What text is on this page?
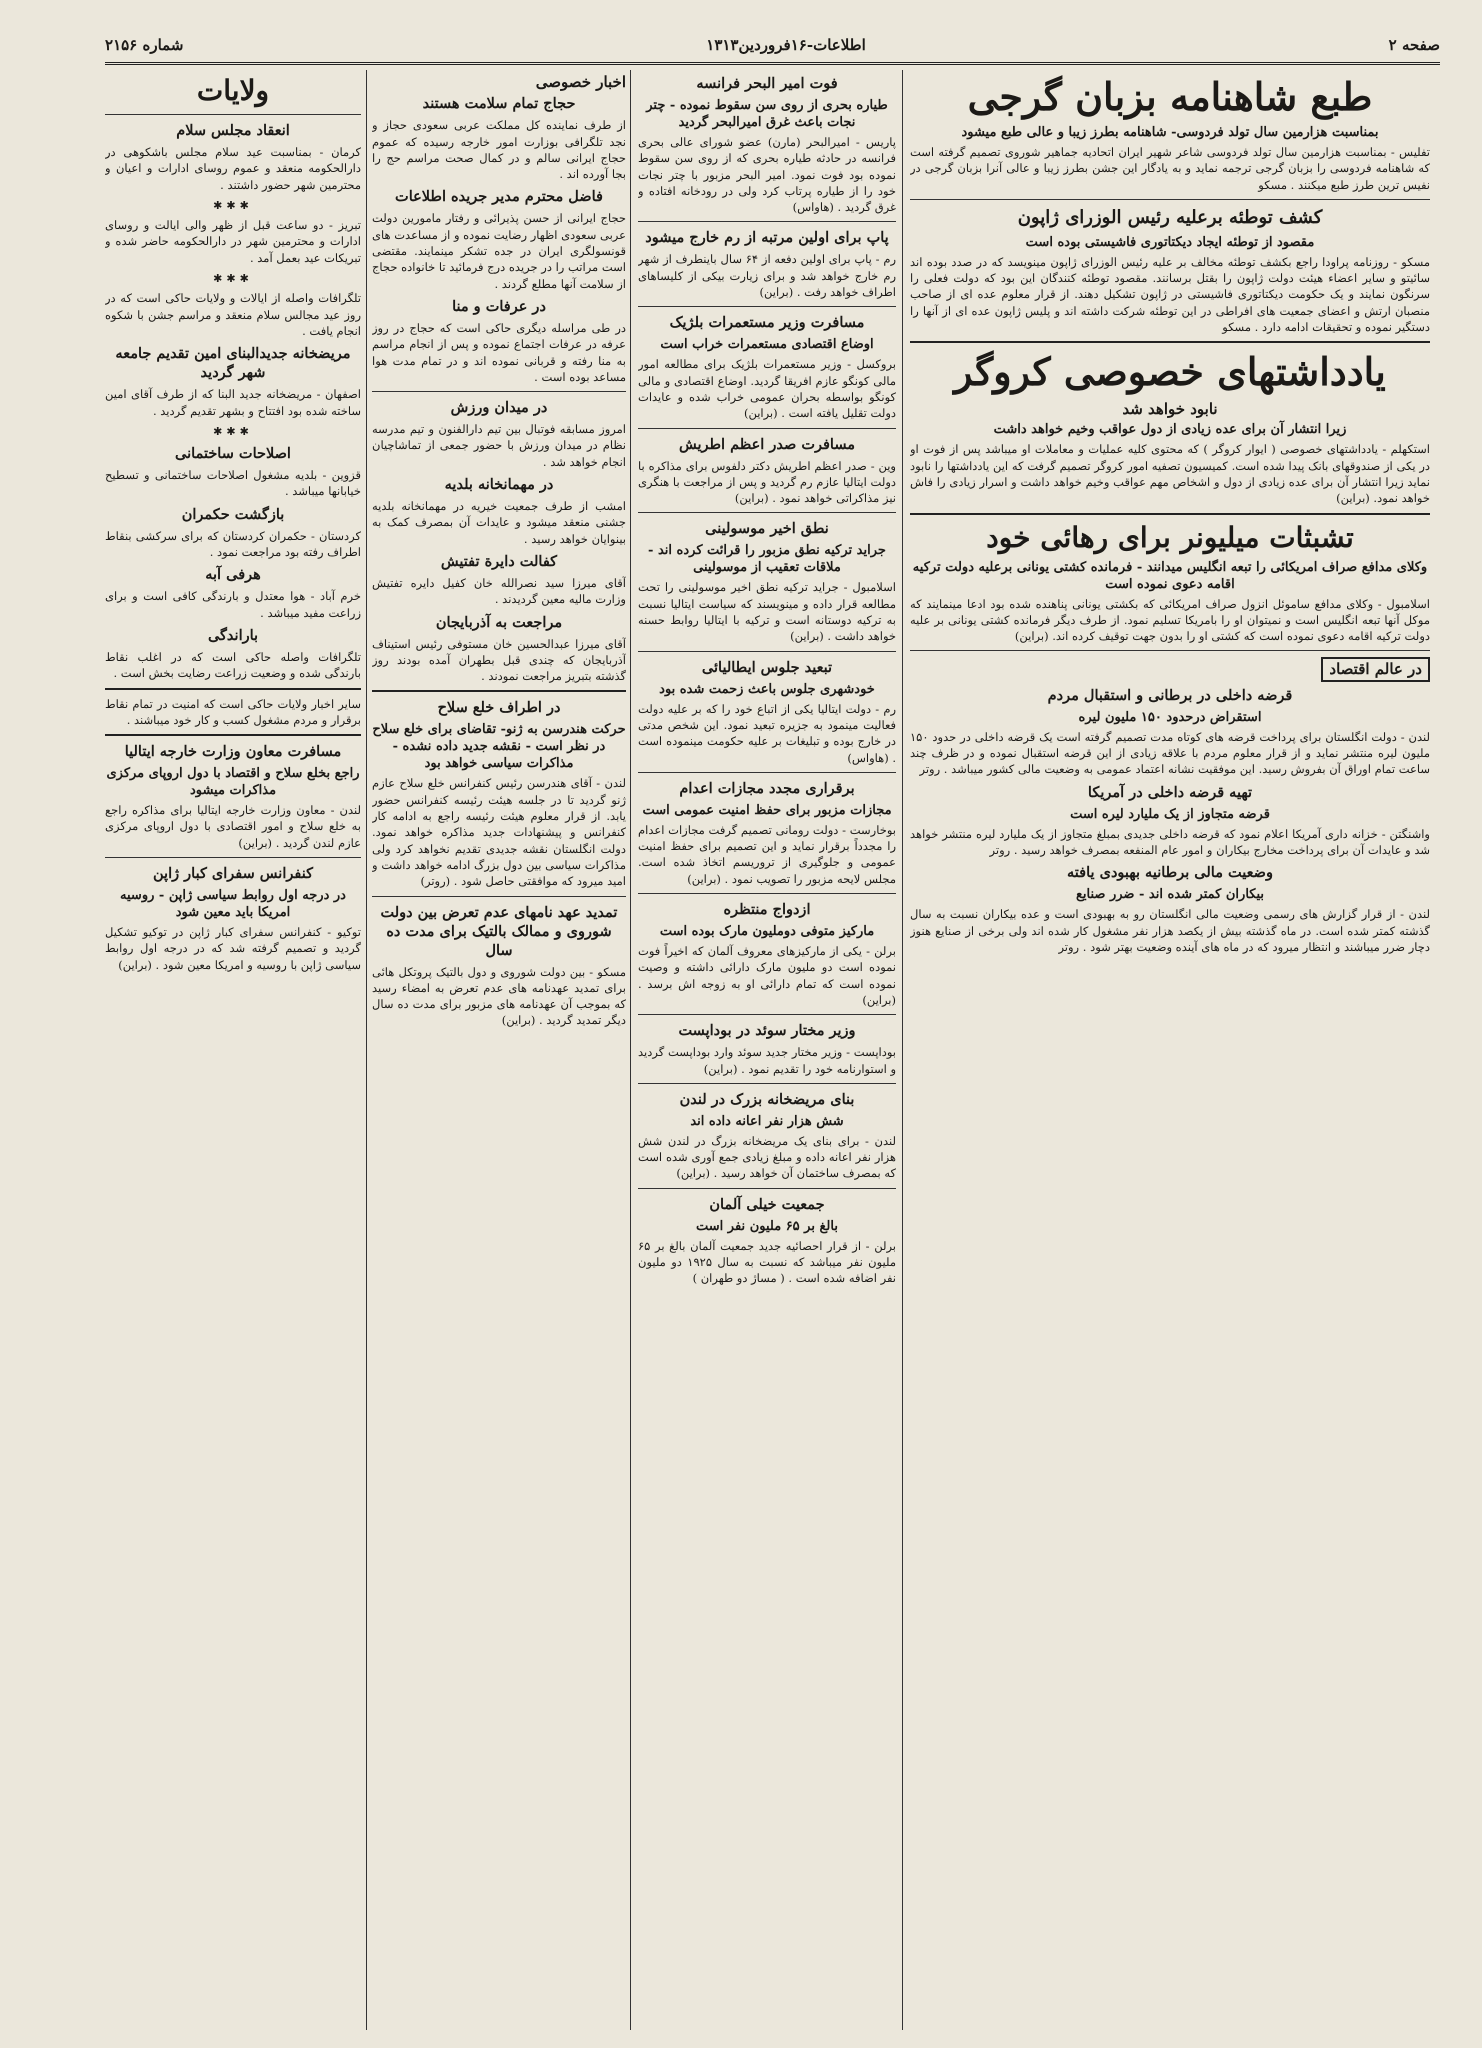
صفحه ۲
اطلاعات-۱۶فروردین۱۳۱۳
شماره ۲۱۵۶
طبع شاهنامه بزبان گرجی
بمناسبت هزارمین سال تولد فردوسی- شاهنامه بطرز زیبا و عالی طبع میشود

تفلیس - بمناسبت هزارمین سال تولد فردوسی شاعر شهیر ایران اتحادیه جماهیر شوروی تصمیم گرفته است که شاهنامه فردوسی را بزبان گرجی ترجمه نماید و به یادگار این جشن بطرز زیبا و عالی آنرا بزبان گرجی در نفیس ترین طرز طبع میکنند . مسکو

کشف توطئه برعلیه رئیس الوزرای ژاپون
مقصود از توطئه ایجاد دیکتاتوری فاشیستی بوده است

مسکو - روزنامه پراودا راجع بکشف توطئه مخالف بر علیه رئیس الوزرای ژاپون مینویسد که در صدد بوده اند سائیتو و سایر اعضاء هیئت دولت ژاپون را بقتل برسانند. مقصود توطئه کنندگان این بود که دولت فعلی را سرنگون نمایند و یک حکومت دیکتاتوری فاشیستی در ژاپون تشکیل دهند. از قرار معلوم عده ای از صاحب منصبان ارتش و اعضای جمعیت های افراطی در این توطئه شرکت داشته اند و پلیس ژاپون عده ای از آنها را دستگیر نموده و تحقیقات ادامه دارد . مسکو

یادداشتهای خصوصی کروگر
نابود خواهد شد
زیرا انتشار آن برای عده زیادی از دول عواقب وخیم خواهد داشت

استکهلم - یادداشتهای خصوصی ( ایوار کروگر ) که محتوی کلیه عملیات و معاملات او میباشد پس از فوت او در یکی از صندوقهای بانک پیدا شده است. کمیسیون تصفیه امور کروگر تصمیم گرفت که این یادداشتها را نابود نماید زیرا انتشار آن برای عده زیادی از دول و اشخاص مهم عواقب وخیم خواهد داشت و اسرار زیادی را فاش خواهد نمود. (براین)

تشبثات میلیونر برای رهائی خود
وکلای مدافع صراف امریکائی را تبعه انگلیس میدانند - فرمانده کشتی یونانی برعلیه دولت ترکیه اقامه دعوی نموده است

اسلامبول - وکلای مدافع ساموئل انزول صراف امریکائی که بکشتی یونانی پناهنده شده بود ادعا مینمایند که موکل آنها تبعه انگلیس است و نمیتوان او را بامریکا تسلیم نمود. از طرف دیگر فرمانده کشتی یونانی بر علیه دولت ترکیه اقامه دعوی نموده است که کشتی او را بدون جهت توقیف کرده اند. (براین)

در عالم اقتصاد
قرضه داخلی در برطانی و استقبال مردم
استقراض درحدود ۱۵۰ ملیون لیره

لندن - دولت انگلستان برای پرداخت قرضه های کوتاه مدت تصمیم گرفته است یک قرضه داخلی در حدود ۱۵۰ ملیون لیره منتشر نماید و از قرار معلوم مردم با علاقه زیادی از این قرضه استقبال نموده و در ظرف چند ساعت تمام اوراق آن بفروش رسید. این موفقیت نشانه اعتماد عمومی به وضعیت مالی کشور میباشد . روتر

تهیه قرضه داخلی در آمریکا
قرضه متجاوز از یک ملیارد لیره است

واشنگتن - خزانه داری آمریکا اعلام نمود که قرضه داخلی جدیدی بمبلغ متجاوز از یک ملیارد لیره منتشر خواهد شد و عایدات آن برای پرداخت مخارج بیکاران و امور عام المنفعه بمصرف خواهد رسید . روتر

وضعیت مالی برطانیه بهبودی یافته
بیکاران کمتر شده اند - ضرر صنایع

لندن - از قرار گزارش های رسمی وضعیت مالی انگلستان رو به بهبودی است و عده بیکاران نسبت به سال گذشته کمتر شده است. در ماه گذشته بیش از یکصد هزار نفر مشغول کار شده اند ولی برخی از صنایع هنوز دچار ضرر میباشند و انتظار میرود که در ماه های آینده وضعیت بهتر شود . روتر

فوت امیر البحر فرانسه
طیاره بحری از روی سن سقوط نموده - چتر نجات باعث غرق امیرالبحر گردید

پاریس - امیرالبحر (مارن) عضو شورای عالی بحری فرانسه در حادثه طیاره بحری که از روی سن سقوط نموده بود فوت نمود. امیر البحر مزبور با چتر نجات خود را از طیاره پرتاب کرد ولی در رودخانه افتاده و غرق گردید . (هاواس)

پاپ برای اولین مرتبه از رم خارج میشود

رم - پاپ برای اولین دفعه از ۶۴ سال باینطرف از شهر رم خارج خواهد شد و برای زیارت بیکی از کلیساهای اطراف خواهد رفت . (براین)

مسافرت وزیر مستعمرات بلژیک
اوضاع اقتصادی مستعمرات خراب است

بروکسل - وزیر مستعمرات بلژیک برای مطالعه امور مالی کونگو عازم افریقا گردید. اوضاع اقتصادی و مالی کونگو بواسطه بحران عمومی خراب شده و عایدات دولت تقلیل یافته است . (براین)

مسافرت صدر اعظم اطریش

وین - صدر اعظم اطریش دکتر دلفوس برای مذاکره با دولت ایتالیا عازم رم گردید و پس از مراجعت با هنگری نیز مذاکراتی خواهد نمود . (براین)

نطق اخیر موسولینی
جراید ترکیه نطق مزبور را قرائت کرده اند - ملاقات تعقیب از موسولینی

اسلامبول - جراید ترکیه نطق اخیر موسولینی را تحت مطالعه قرار داده و مینویسند که سیاست ایتالیا نسبت به ترکیه دوستانه است و ترکیه با ایتالیا روابط حسنه خواهد داشت . (براین)

تبعید جلوس ایطالیائی
خودشهری جلوس باعث زحمت شده بود

رم - دولت ایتالیا یکی از اتباع خود را که بر علیه دولت فعالیت مینمود به جزیره تبعید نمود. این شخص مدتی در خارج بوده و تبلیغات بر علیه حکومت مینموده است . (هاواس)

برقراری مجدد مجازات اعدام
مجازات مزبور برای حفظ امنیت عمومی است

بوخارست - دولت رومانی تصمیم گرفت مجازات اعدام را مجدداً برقرار نماید و این تصمیم برای حفظ امنیت عمومی و جلوگیری از تروریسم اتخاذ شده است. مجلس لایحه مزبور را تصویب نمود . (براین)

ازدواج منتظره
مارکیز متوفی دوملیون مارک بوده است

برلن - یکی از مارکیزهای معروف آلمان که اخیراً فوت نموده است دو ملیون مارک دارائی داشته و وصیت نموده است که تمام دارائی او به زوجه اش برسد . (براین)

وزیر مختار سوئد در بوداپست

بوداپست - وزیر مختار جدید سوئد وارد بوداپست گردید و استوارنامه خود را تقدیم نمود . (براین)

بنای مریضخانه بزرک در لندن
شش هزار نفر اعانه داده اند

لندن - برای بنای یک مریضخانه بزرگ در لندن شش هزار نفر اعانه داده و مبلغ زیادی جمع آوری شده است که بمصرف ساختمان آن خواهد رسید . (براین)

جمعیت خیلی آلمان
بالغ بر ۶۵ ملیون نفر است

برلن - از قرار احصائیه جدید جمعیت آلمان بالغ بر ۶۵ ملیون نفر میباشد که نسبت به سال ۱۹۲۵ دو ملیون نفر اضافه شده است . ( مساژ دو طهران )

اخبار خصوصی
حجاج تمام سلامت هستند

از طرف نماینده کل مملکت عربی سعودی حجاز و نجد تلگرافی بوزارت امور خارجه رسیده که عموم حجاج ایرانی سالم و در کمال صحت مراسم حج را بجا آورده اند .

فاضل محترم مدیر جریده اطلاعات

حجاج ایرانی از حسن پذیرائی و رفتار مامورین دولت عربی سعودی اظهار رضایت نموده و از مساعدت های قونسولگری ایران در جده تشکر مینمایند. مقتضی است مراتب را در جریده درج فرمائید تا خانواده حجاج از سلامت آنها مطلع گردند .

در عرفات و منا

در طی مراسله دیگری حاکی است که حجاج در روز عرفه در عرفات اجتماع نموده و پس از انجام مراسم به منا رفته و قربانی نموده اند و در تمام مدت هوا مساعد بوده است .

در میدان ورزش

امروز مسابقه فوتبال بین تیم دارالفنون و تیم مدرسه نظام در میدان ورزش با حضور جمعی از تماشاچیان انجام خواهد شد .

در مهمانخانه بلدیه

امشب از طرف جمعیت خیریه در مهمانخانه بلدیه جشنی منعقد میشود و عایدات آن بمصرف کمک به بینوایان خواهد رسید .

کفالت دایرة تفتیش

آقای میرزا سید نصرالله خان کفیل دایره تفتیش وزارت مالیه معین گردیدند .

مراجعت به آذربایجان

آقای میرزا عبدالحسین خان مستوفی رئیس استیناف آذربایجان که چندی قبل بطهران آمده بودند روز گذشته بتبریز مراجعت نمودند .

در اطراف خلع سلاح
حرکت هندرسن به ژنو- تقاضای برای خلع سلاح در نظر است - نقشه جدید داده نشده - مذاکرات سیاسی خواهد بود

لندن - آقای هندرسن رئیس کنفرانس خلع سلاح عازم ژنو گردید تا در جلسه هیئت رئیسه کنفرانس حضور یابد. از قرار معلوم هیئت رئیسه راجع به ادامه کار کنفرانس و پیشنهادات جدید مذاکره خواهد نمود. دولت انگلستان نقشه جدیدی تقدیم نخواهد کرد ولی مذاکرات سیاسی بین دول بزرگ ادامه خواهد داشت و امید میرود که موافقتی حاصل شود . (روتر)

تمدید عهد نامهای عدم تعرض بین دولت شوروی و ممالک بالتیک برای مدت ده سال

مسکو - بین دولت شوروی و دول بالتیک پروتکل هائی برای تمدید عهدنامه های عدم تعرض به امضاء رسید که بموجب آن عهدنامه های مزبور برای مدت ده سال دیگر تمدید گردید . (براین)

ولایات
انعقاد مجلس سلام

کرمان - بمناسبت عید سلام مجلس باشکوهی در دارالحکومه منعقد و عموم روسای ادارات و اعیان و محترمین شهر حضور داشتند .

✱✱✱

تبریز - دو ساعت قبل از ظهر والی ایالت و روسای ادارات و محترمین شهر در دارالحکومه حاضر شده و تبریکات عید بعمل آمد .

✱✱✱

تلگرافات واصله از ایالات و ولایات حاکی است که در روز عید مجالس سلام منعقد و مراسم جشن با شکوه انجام یافت .

مریضخانه جدیدالبنای امین تقدیم جامعه شهر گردید

اصفهان - مریضخانه جدید البنا که از طرف آقای امین ساخته شده بود افتتاح و بشهر تقدیم گردید .

✱✱✱
اصلاحات ساختمانی

قزوین - بلدیه مشغول اصلاحات ساختمانی و تسطیح خیابانها میباشد .

بازگشت حکمران

کردستان - حکمران کردستان که برای سرکشی بنقاط اطراف رفته بود مراجعت نمود .

هرفی آبه

خرم آباد - هوا معتدل و بارندگی کافی است و برای زراعت مفید میباشد .

باراندگی

تلگرافات واصله حاکی است که در اغلب نقاط بارندگی شده و وضعیت زراعت رضایت بخش است .

سایر اخبار ولایات حاکی است که امنیت در تمام نقاط برقرار و مردم مشغول کسب و کار خود میباشند .

مسافرت معاون وزارت خارجه ایتالیا
راجع بخلع سلاح و اقتصاد با دول اروپای مرکزی مذاکرات میشود

لندن - معاون وزارت خارجه ایتالیا برای مذاکره راجع به خلع سلاح و امور اقتصادی با دول اروپای مرکزی عازم لندن گردید . (براین)

کنفرانس سفرای کبار ژاپن
در درجه اول روابط سیاسی ژاپن - روسیه امریکا باید معین شود

توکیو - کنفرانس سفرای کبار ژاپن در توکیو تشکیل گردید و تصمیم گرفته شد که در درجه اول روابط سیاسی ژاپن با روسیه و امریکا معین شود . (براین)
